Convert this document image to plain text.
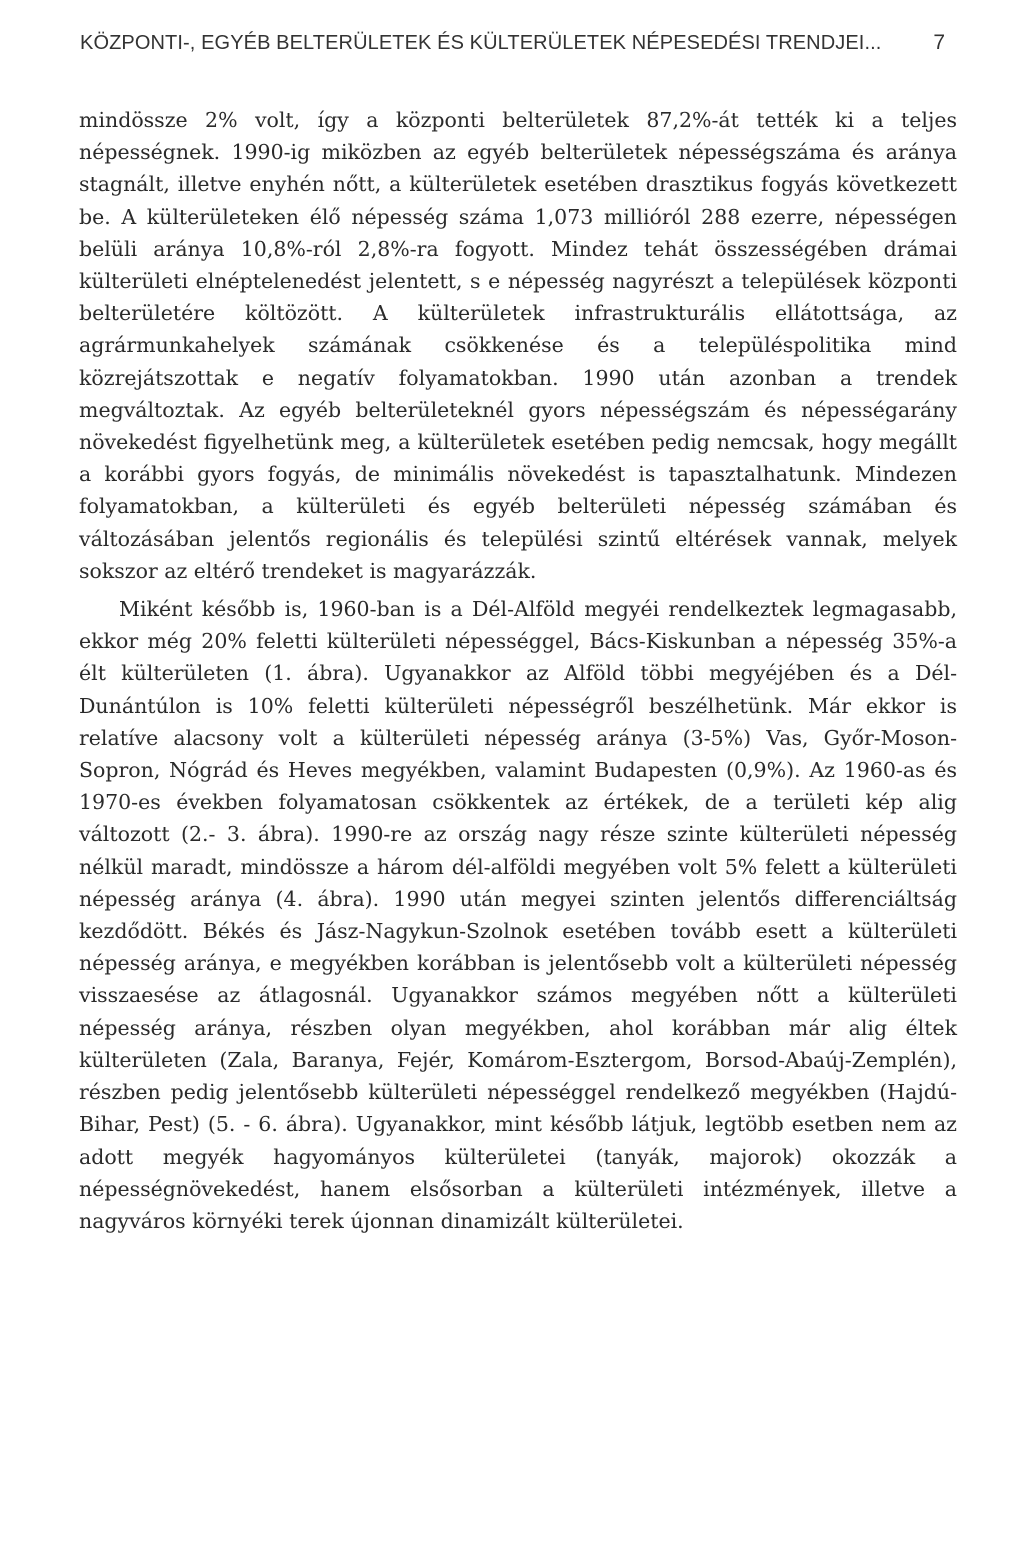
KÖZPONTI-, EGYÉB BELTERÜLETEK ÉS KÜLTERÜLETEK NÉPESEDÉSI TRENDJEI... 7

mindössze 2% volt, így a központi belterületek 87,2%-át tették ki a teljes népességnek. 1990-ig miközben az egyéb belterületek népességszáma és aránya stagnált, illetve enyhén nőtt, a külterületek esetében drasztikus fogyás következett be. A külterületeken élő népesség száma 1,073 millióról 288 ezerre, népességen belüli aránya 10,8%-ról 2,8%-ra fogyott. Mindez tehát összességében drámai külterületi elnéptelenedést jelentett, s e népesség nagyrészt a települések központi belterületére költözött. A külterületek infrastrukturális ellátottsága, az agrármunkahelyek számának csökkenése és a településpolitika mind közrejátszottak e negatív folyamatokban. 1990 után azonban a trendek megváltoztak. Az egyéb belterületeknél gyors népességszám és népességarány növekedést figyelhetünk meg, a külterületek esetében pedig nemcsak, hogy megállt a korábbi gyors fogyás, de minimális növekedést is tapasztalhatunk. Mindezen folyamatokban, a külterületi és egyéb belterületi népesség számában és változásában jelentős regionális és települési szintű eltérések vannak, melyek sokszor az eltérő trendeket is magyarázzák.

Miként később is, 1960-ban is a Dél-Alföld megyéi rendelkeztek legmagasabb, ekkor még 20% feletti külterületi népességgel, Bács-Kiskunban a népesség 35%-a élt külterületen (1. ábra). Ugyanakkor az Alföld többi megyéjében és a Dél-Dunántúlon is 10% feletti külterületi népességről beszélhetünk. Már ekkor is relatíve alacsony volt a külterületi népesség aránya (3-5%) Vas, Győr-Moson-Sopron, Nógrád és Heves megyékben, valamint Budapesten (0,9%). Az 1960-as és 1970-es években folyamatosan csökkentek az értékek, de a területi kép alig változott (2.- 3. ábra). 1990-re az ország nagy része szinte külterületi népesség nélkül maradt, mindössze a három dél-alföldi megyében volt 5% felett a külterületi népesség aránya (4. ábra). 1990 után megyei szinten jelentős differenciáltság kezdődött. Békés és Jász-Nagykun-Szolnok esetében tovább esett a külterületi népesség aránya, e megyékben korábban is jelentősebb volt a külterületi népesség visszaesése az átlagosnál. Ugyanakkor számos megyében nőtt a külterületi népesség aránya, részben olyan megyékben, ahol korábban már alig éltek külterületen (Zala, Baranya, Fejér, Komárom-Esztergom, Borsod-Abaúj-Zemplén), részben pedig jelentősebb külterületi népességgel rendelkező megyékben (Hajdú-Bihar, Pest) (5. - 6. ábra). Ugyanakkor, mint később látjuk, legtöbb esetben nem az adott megyék hagyományos külterületei (tanyák, majorok) okozzák a népességnövekedést, hanem elsősorban a külterületi intézmények, illetve a nagyváros környéki terek újonnan dinamizált külterületei.
